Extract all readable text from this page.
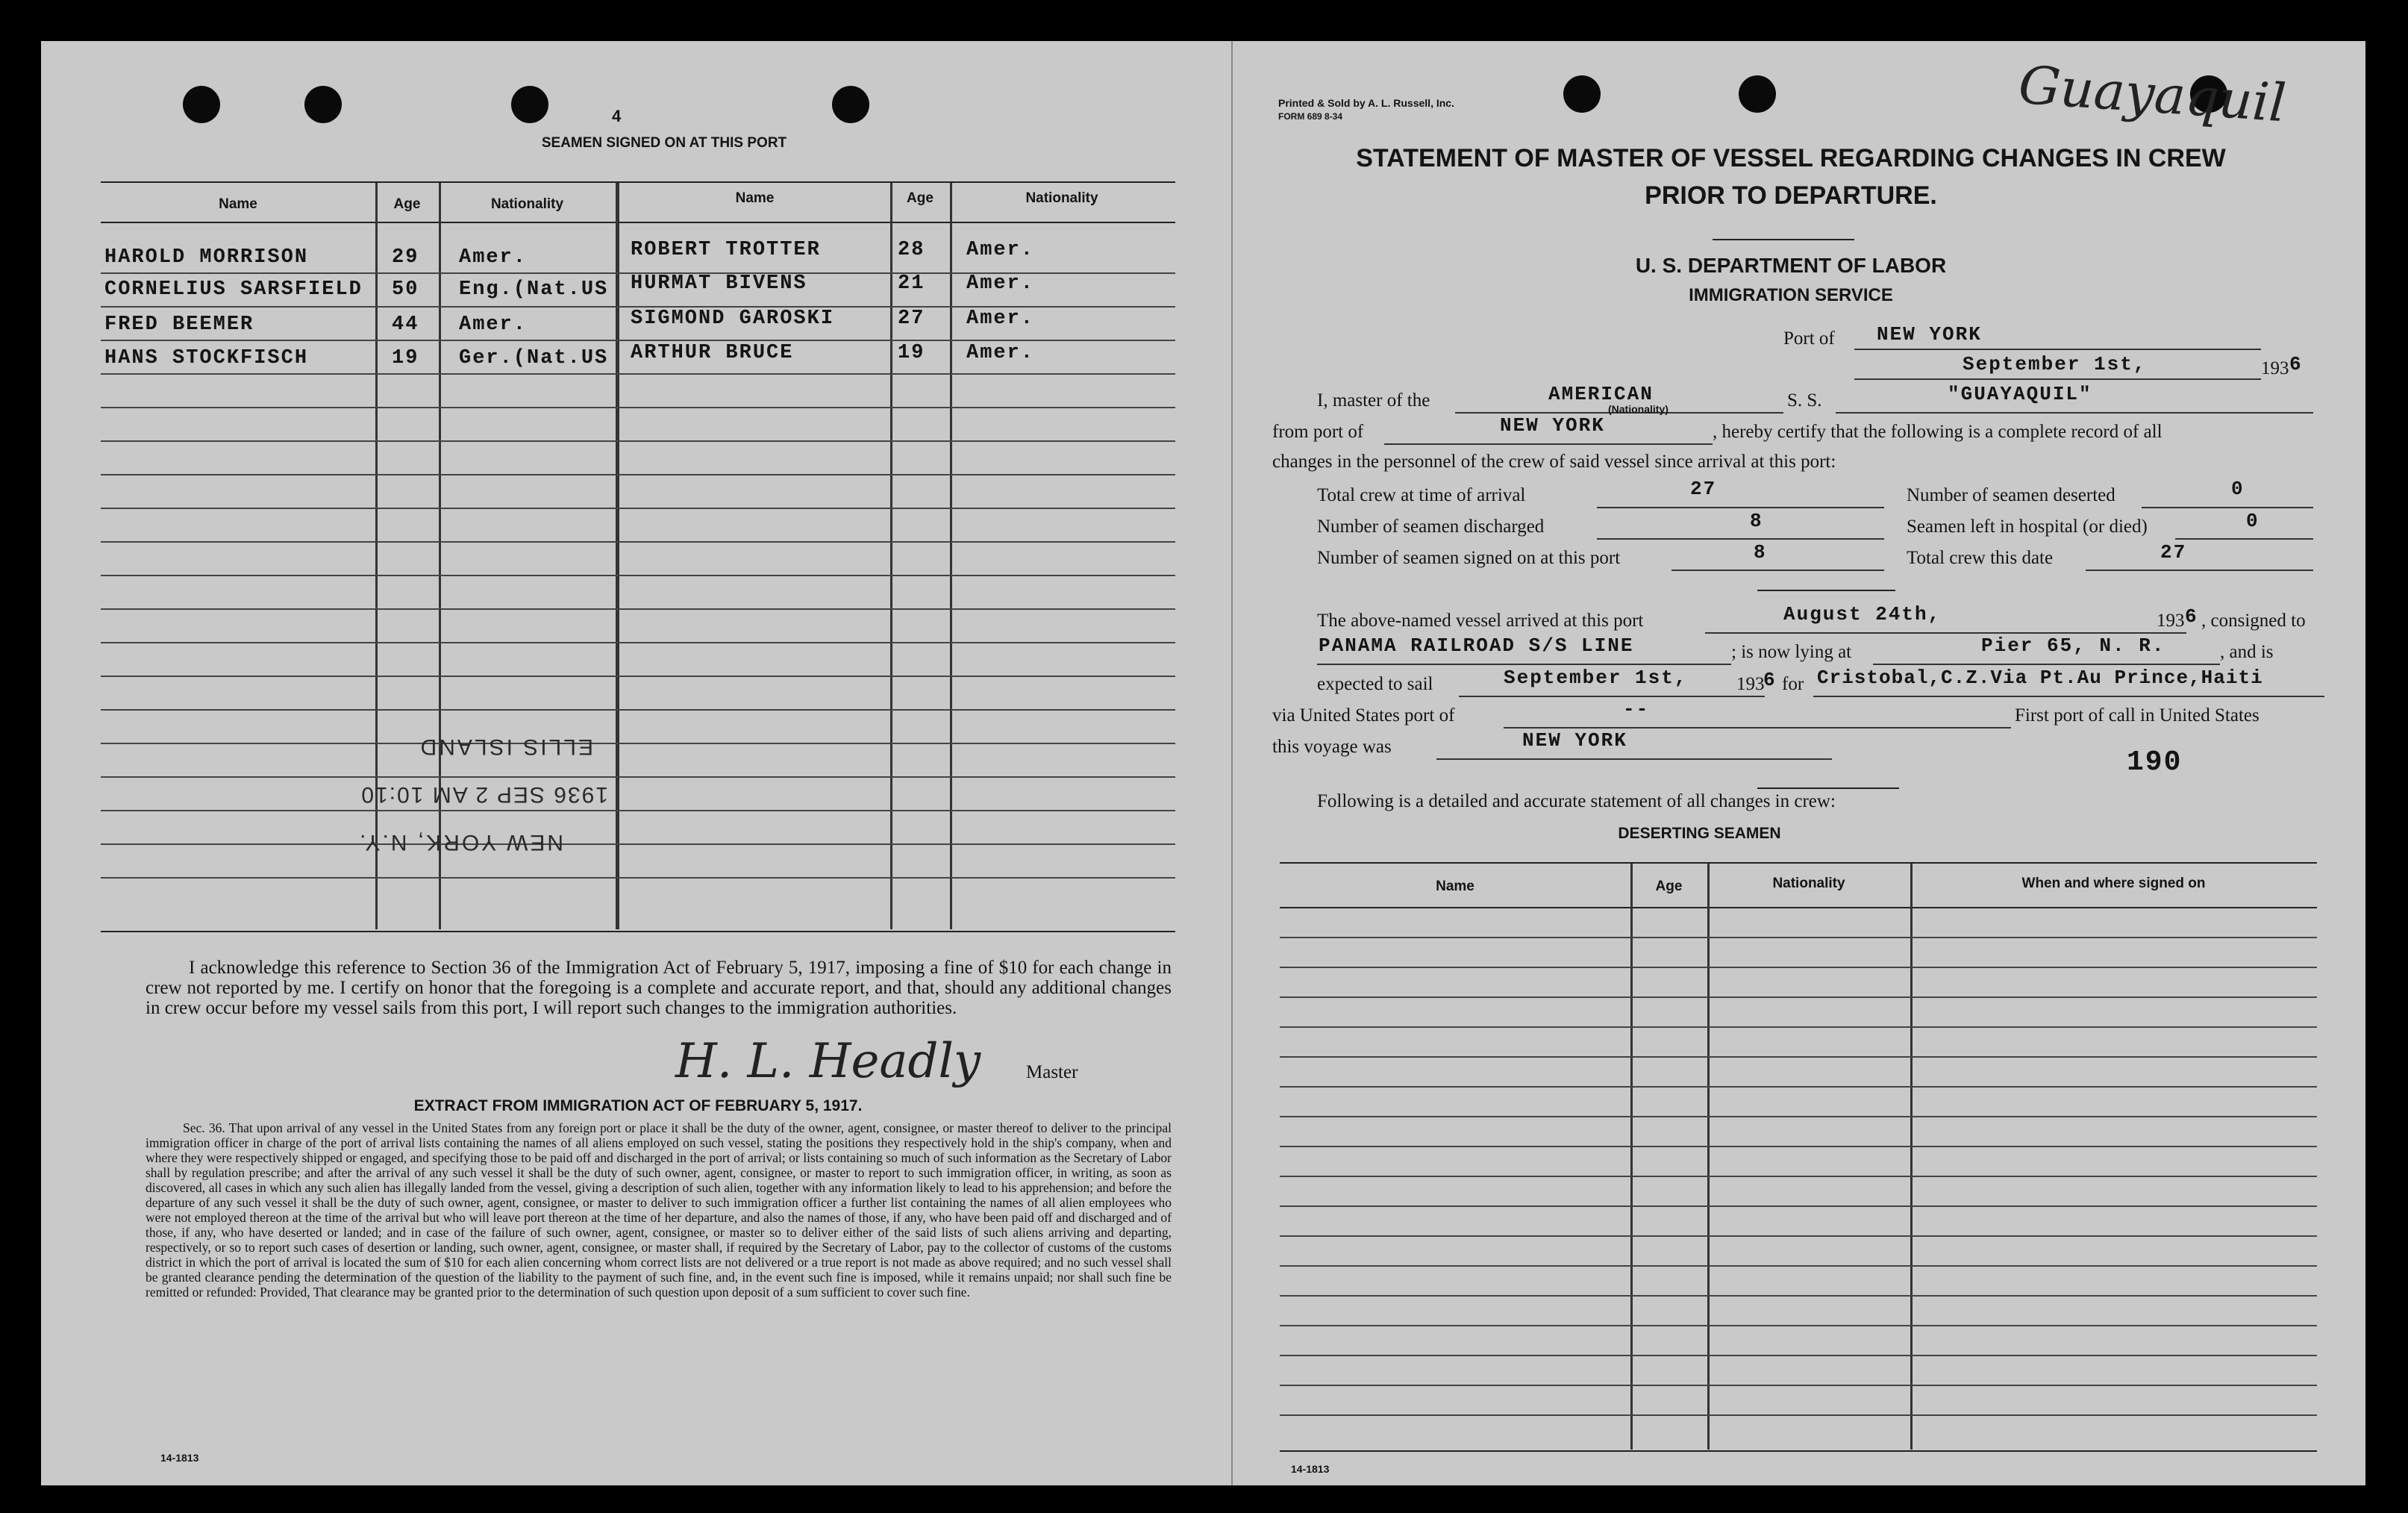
4
SEAMEN SIGNED ON AT THIS PORT
Name	Age	Nationality	Name	Age	Nationality
HAROLD MORRISON	29 Amer.
CORNELIUS SARSFIELD	50 Eng.(Nat.US
FRED BEEMER	44 Amer.
HANS STOCKFISCH	19 Ger.(Nat.US
ROBERT TROTTER	28 Amer.
HURMAT BIVENS	21 Amer.
SIGMOND GAROSKI	27 Amer.
ARTHUR BRUCE	19 Amer.
NEW YORK, N.Y.
1936 SEP 2 AM 10:10
ELLIS ISLAND
I acknowledge this reference to Section 36 of the Immigration Act of February 5, 1917, imposing a fine of $10 for each change in crew not reported by me. I certify on honor that the foregoing is a complete and accurate report, and that, should any additional changes in crew occur before my vessel sails from this port, I will report such changes to the immigration authorities.
H. L. Headly Master
EXTRACT FROM IMMIGRATION ACT OF FEBRUARY 5, 1917.
Sec. 36. That upon arrival of any vessel in the United States from any foreign port or place it shall be the duty of the owner, agent, consignee, or master thereof to deliver to the principal immigration officer in charge of the port of arrival lists containing the names of all aliens employed on such vessel, stating the positions they respectively hold in the ship's company, when and where they were respectively shipped or engaged, and specifying those to be paid off and discharged in the port of arrival; or lists containing so much of such information as the Secretary of Labor shall by regulation prescribe; and after the arrival of any such vessel it shall be the duty of such owner, agent, consignee, or master to report to such immigration officer, in writing, as soon as discovered, all cases in which any such alien has illegally landed from the vessel, giving a description of such alien, together with any information likely to lead to his apprehension; and before the departure of any such vessel it shall be the duty of such owner, agent, consignee, or master to deliver to such immigration officer a further list containing the names of all alien employees who were not employed thereon at the time of the arrival but who will leave port thereon at the time of her departure, and also the names of those, if any, who have been paid off and discharged and of those, if any, who have deserted or landed; and in case of the failure of such owner, agent, consignee, or master so to deliver either of the said lists of such aliens arriving and departing, respectively, or so to report such cases of desertion or landing, such owner, agent, consignee, or master shall, if required by the Secretary of Labor, pay to the collector of customs of the customs district in which the port of arrival is located the sum of $10 for each alien concerning whom correct lists are not delivered or a true report is not made as above required; and no such vessel shall be granted clearance pending the determination of the question of the liability to the payment of such fine, and, in the event such fine is imposed, while it remains unpaid; nor shall such fine be remitted or refunded: Provided, That clearance may be granted prior to the determination of such question upon deposit of a sum sufficient to cover such fine.
14-1813
Printed & Sold by A. L. Russell, Inc.
FORM 689 8-34	Guayaquil
STATEMENT OF MASTER OF VESSEL REGARDING CHANGES IN CREW
PRIOR TO DEPARTURE.
U. S. DEPARTMENT OF LABOR
IMMIGRATION SERVICE
Port of NEW YORK
September 1st,	193 6
I, master of the	AMERICAN
(Nationality)	S. S.	"GUAYAQUIL"
from port of	NEW YORK	, hereby certify that the following is a complete record of all
changes in the personnel of the crew of said vessel since arrival at this port:
Total crew at time of arrival	27
Number of seamen discharged	8
Number of seamen signed on at this port	8
Number of seamen deserted	0
Seamen left in hospital (or died)	0
Total crew this date	27
The above-named vessel arrived at this port	August 24th,	193 6 , consigned to
PANAMA RAILROAD S/S LINE	; is now lying at	Pier 65, N. R.	, and is
expected to sail	September 1st,	193
6 for Cristobal,C.Z.Via Pt.Au Prince,Haiti
via United States port of	--	First port of call in United States
this voyage was	NEW YORK
190
Following is a detailed and accurate statement of all changes in crew:
DESERTING SEAMEN
Name	Age	Nationality	When and where signed on
14-1813
